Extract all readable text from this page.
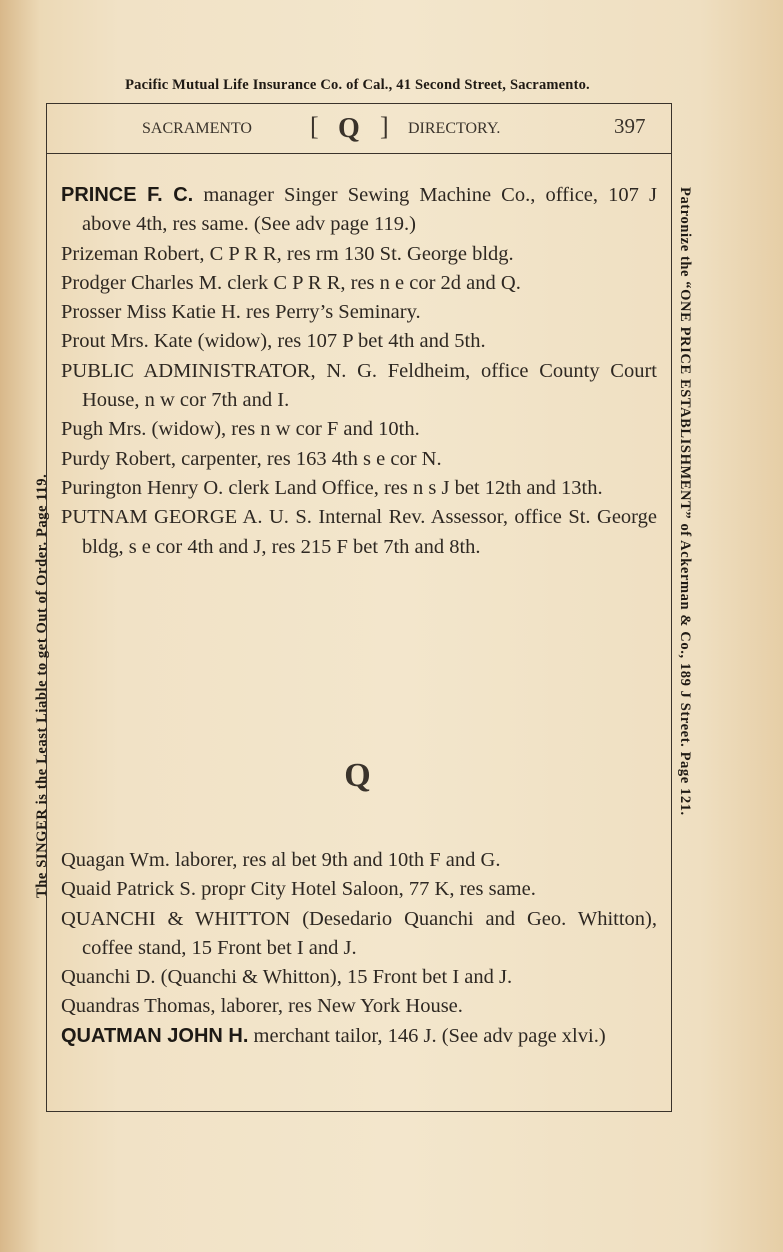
Pacific Mutual Life Insurance Co. of Cal., 41 Second Street, Sacramento.
The SINGER is the Least Liable to get Out of Order. Page 119.	Patronize the “ONE PRICE ESTABLISHMENT” of Ackerman & Co., 189 J Street. Page 121.
SACRAMENTO [ Q ] DIRECTORY.	397

PRINCE F. C. manager Singer Sewing Machine Co., office, 107 J above 4th, res same. (See adv page 119.)

Prizeman Robert, C P R R, res rm 130 St. George bldg.

Prodger Charles M. clerk C P R R, res n e cor 2d and Q.

Prosser Miss Katie H. res Perry’s Seminary.

Prout Mrs. Kate (widow), res 107 P bet 4th and 5th.

PUBLIC ADMINISTRATOR, N. G. Feldheim, office County Court House, n w cor 7th and I.

Pugh Mrs. (widow), res n w cor F and 10th.

Purdy Robert, carpenter, res 163 4th s e cor N.

Purington Henry O. clerk Land Office, res n s J bet 12th and 13th.

PUTNAM GEORGE A. U. S. Internal Rev. Assessor, office St. George bldg, s e cor 4th and J, res 215 F bet 7th and 8th.

Q

Quagan Wm. laborer, res al bet 9th and 10th F and G.

Quaid Patrick S. propr City Hotel Saloon, 77 K, res same.

QUANCHI & WHITTON (Desedario Quanchi and Geo. Whitton), coffee stand, 15 Front bet I and J.

Quanchi D. (Quanchi & Whitton), 15 Front bet I and J.

Quandras Thomas, laborer, res New York House.

QUATMAN JOHN H. merchant tailor, 146 J. (See adv page xlvi.)
